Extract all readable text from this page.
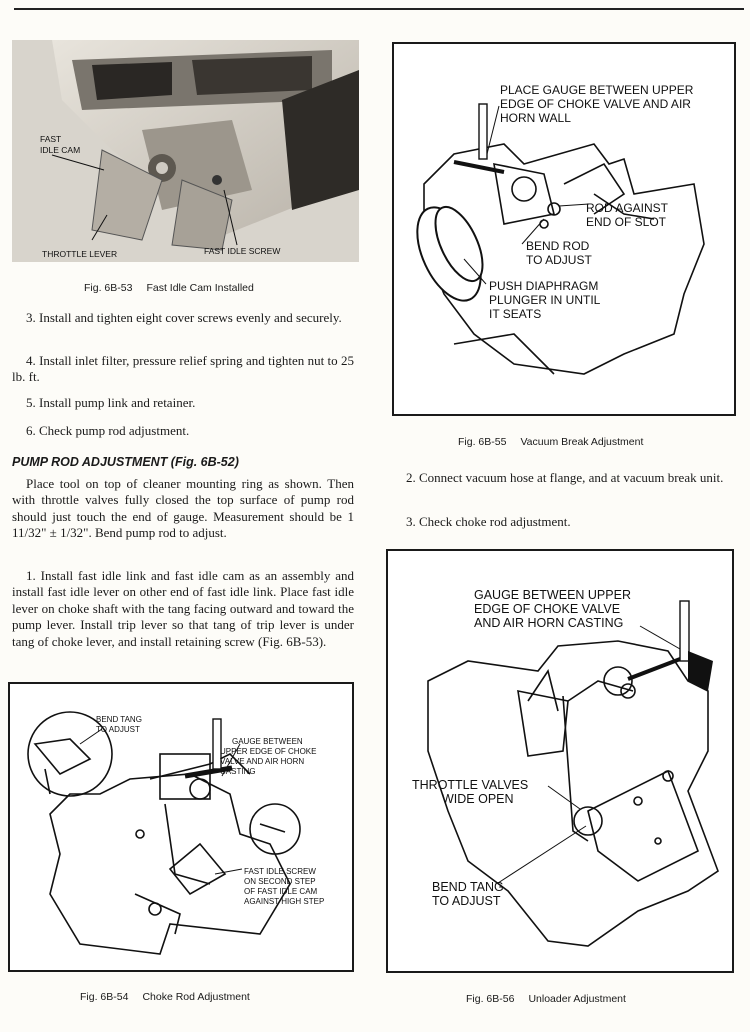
FAST
IDLE CAM
THROTTLE LEVER	FAST IDLE SCREW
Fig. 6B-53 Fast Idle Cam Installed

3. Install and tighten eight cover screws evenly and securely.

4. Install inlet filter, pressure relief spring and tighten nut to 25 lb. ft.

5. Install pump link and retainer.

6. Check pump rod adjustment.

PUMP ROD ADJUSTMENT (Fig. 6B-52)

Place tool on top of cleaner mounting ring as shown. Then with throttle valves fully closed the top surface of pump rod should just touch the end of gauge. Measurement should be 1 11/32" ± 1/32". Bend pump rod to adjust.

1. Install fast idle link and fast idle cam as an assembly and install fast idle lever on other end of fast idle link. Place fast idle lever on choke shaft with the tang facing outward and toward the pump lever. Install trip lever so that tang of trip lever is under tang of choke lever, and install retaining screw (Fig. 6B-53).

BEND TANG
TO ADJUST
GAUGE BETWEEN
UPPER EDGE OF CHOKE
VALVE AND AIR HORN
CASTING
FAST IDLE SCREW
ON SECOND STEP
OF FAST IDLE CAM
AGAINST HIGH STEP
Fig. 6B-54 Choke Rod Adjustment
PLACE GAUGE BETWEEN UPPER
EDGE OF CHOKE VALVE AND AIR
HORN WALL
ROD AGAINST
END OF SLOT
BEND ROD
TO ADJUST
PUSH DIAPHRAGM
PLUNGER IN UNTIL
IT SEATS
Fig. 6B-55 Vacuum Break Adjustment

2. Connect vacuum hose at flange, and at vacuum break unit.

3. Check choke rod adjustment.

GAUGE BETWEEN UPPER
EDGE OF CHOKE VALVE
AND AIR HORN CASTING
THROTTLE VALVES
WIDE OPEN
BEND TANG
TO ADJUST
Fig. 6B-56 Unloader Adjustment
